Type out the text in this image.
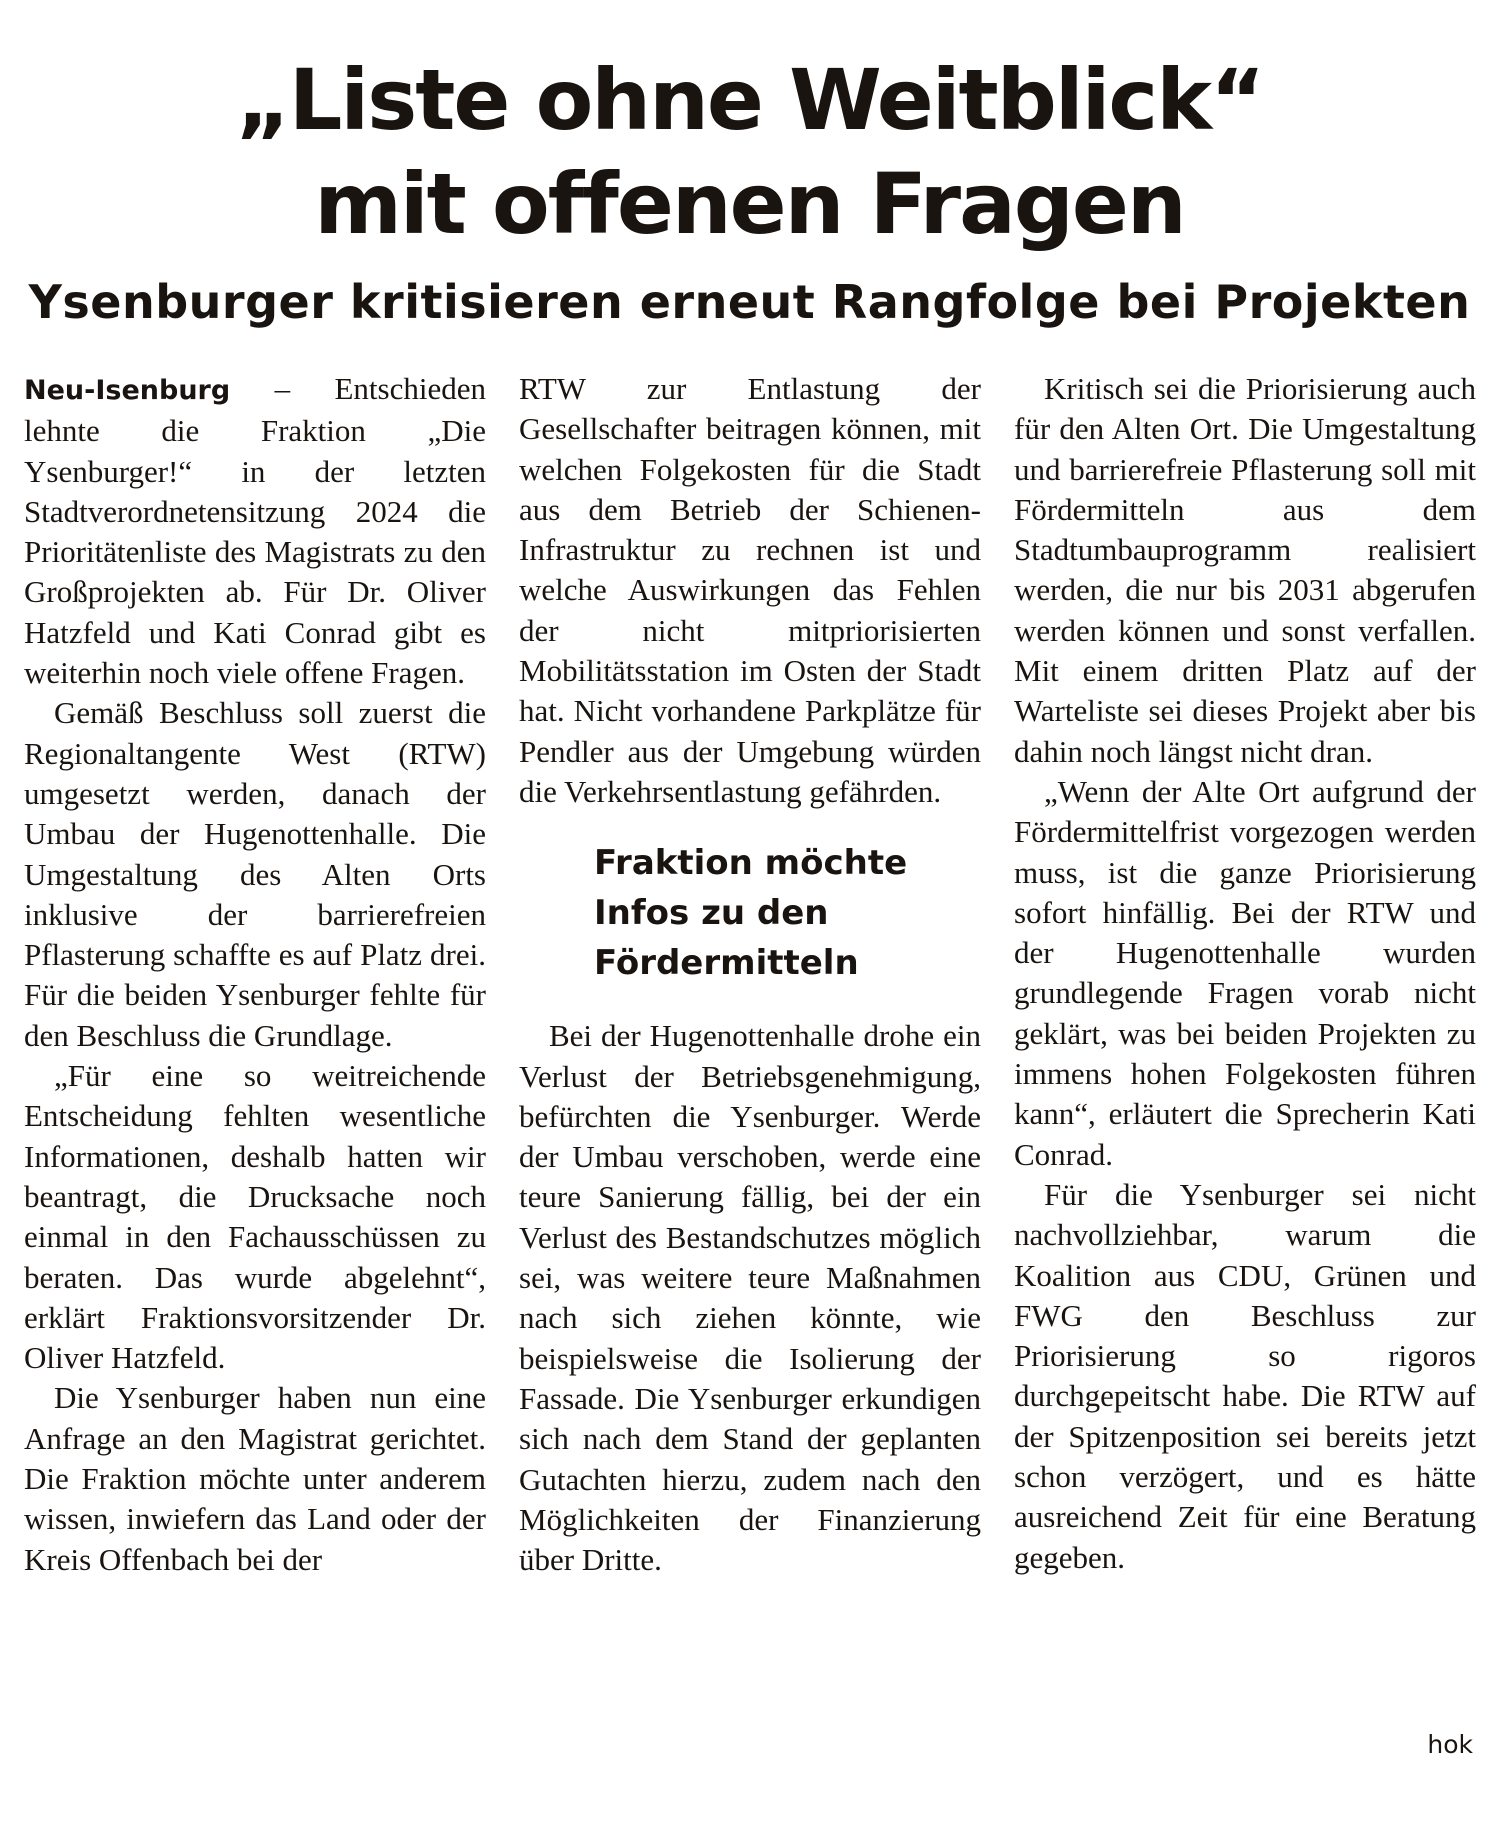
„Liste ohne Weitblick“
mit offenen Fragen
Ysenburger kritisieren erneut Rangfolge bei Projekten

Neu-Isenburg – Entschieden lehnte die Fraktion „Die Ysenburger!“ in der letzten Stadtverordnetensitzung 2024 die Prioritätenliste des Magistrats zu den Großprojekten ab. Für Dr. Oliver Hatzfeld und Kati Conrad gibt es weiterhin noch viele offene Fragen.

Gemäß Beschluss soll zuerst die Regionaltangente West (RTW) umgesetzt werden, danach der Umbau der Hugenottenhalle. Die Umgestaltung des Alten Orts inklusive der barrierefreien Pflasterung schaffte es auf Platz drei. Für die beiden Ysenburger fehlte für den Beschluss die Grundlage.

„Für eine so weitreichende Entscheidung fehlten wesentliche Informationen, deshalb hatten wir beantragt, die Drucksache noch einmal in den Fachausschüssen zu beraten. Das wurde abgelehnt“, erklärt Fraktionsvorsitzender Dr. Oliver Hatzfeld.

Die Ysenburger haben nun eine Anfrage an den Magistrat gerichtet. Die Fraktion möchte unter anderem wissen, inwiefern das Land oder der Kreis Offenbach bei der

RTW zur Entlastung der Gesellschafter beitragen können, mit welchen Folgekosten für die Stadt aus dem Betrieb der Schienen-Infrastruktur zu rechnen ist und welche Auswirkungen das Fehlen der nicht mitpriorisierten Mobilitätsstation im Osten der Stadt hat. Nicht vorhandene Parkplätze für Pendler aus der Umgebung würden die Verkehrsentlastung gefährden.

Fraktion möchte Infos zu den Fördermitteln

Bei der Hugenottenhalle drohe ein Verlust der Betriebsgenehmigung, befürchten die Ysenburger. Werde der Umbau verschoben, werde eine teure Sanierung fällig, bei der ein Verlust des Bestandschutzes möglich sei, was weitere teure Maßnahmen nach sich ziehen könnte, wie beispielsweise die Isolierung der Fassade. Die Ysenburger erkundigen sich nach dem Stand der geplanten Gutachten hierzu, zudem nach den Möglichkeiten der Finanzierung über Dritte.

Kritisch sei die Priorisierung auch für den Alten Ort. Die Umgestaltung und barrierefreie Pflasterung soll mit Fördermitteln aus dem Stadtumbauprogramm realisiert werden, die nur bis 2031 abgerufen werden können und sonst verfallen. Mit einem dritten Platz auf der Warteliste sei dieses Projekt aber bis dahin noch längst nicht dran.

„Wenn der Alte Ort aufgrund der Fördermittelfrist vorgezogen werden muss, ist die ganze Priorisierung sofort hinfällig. Bei der RTW und der Hugenottenhalle wurden grundlegende Fragen vorab nicht geklärt, was bei beiden Projekten zu immens hohen Folgekosten führen kann“, erläutert die Sprecherin Kati Conrad.

Für die Ysenburger sei nicht nachvollziehbar, warum die Koalition aus CDU, Grünen und FWG den Beschluss zur Priorisierung so rigoros durchgepeitscht habe. Die RTW auf der Spitzenposition sei bereits jetzt schon verzögert, und es hätte ausreichend Zeit für eine Beratung gegeben.

hok
